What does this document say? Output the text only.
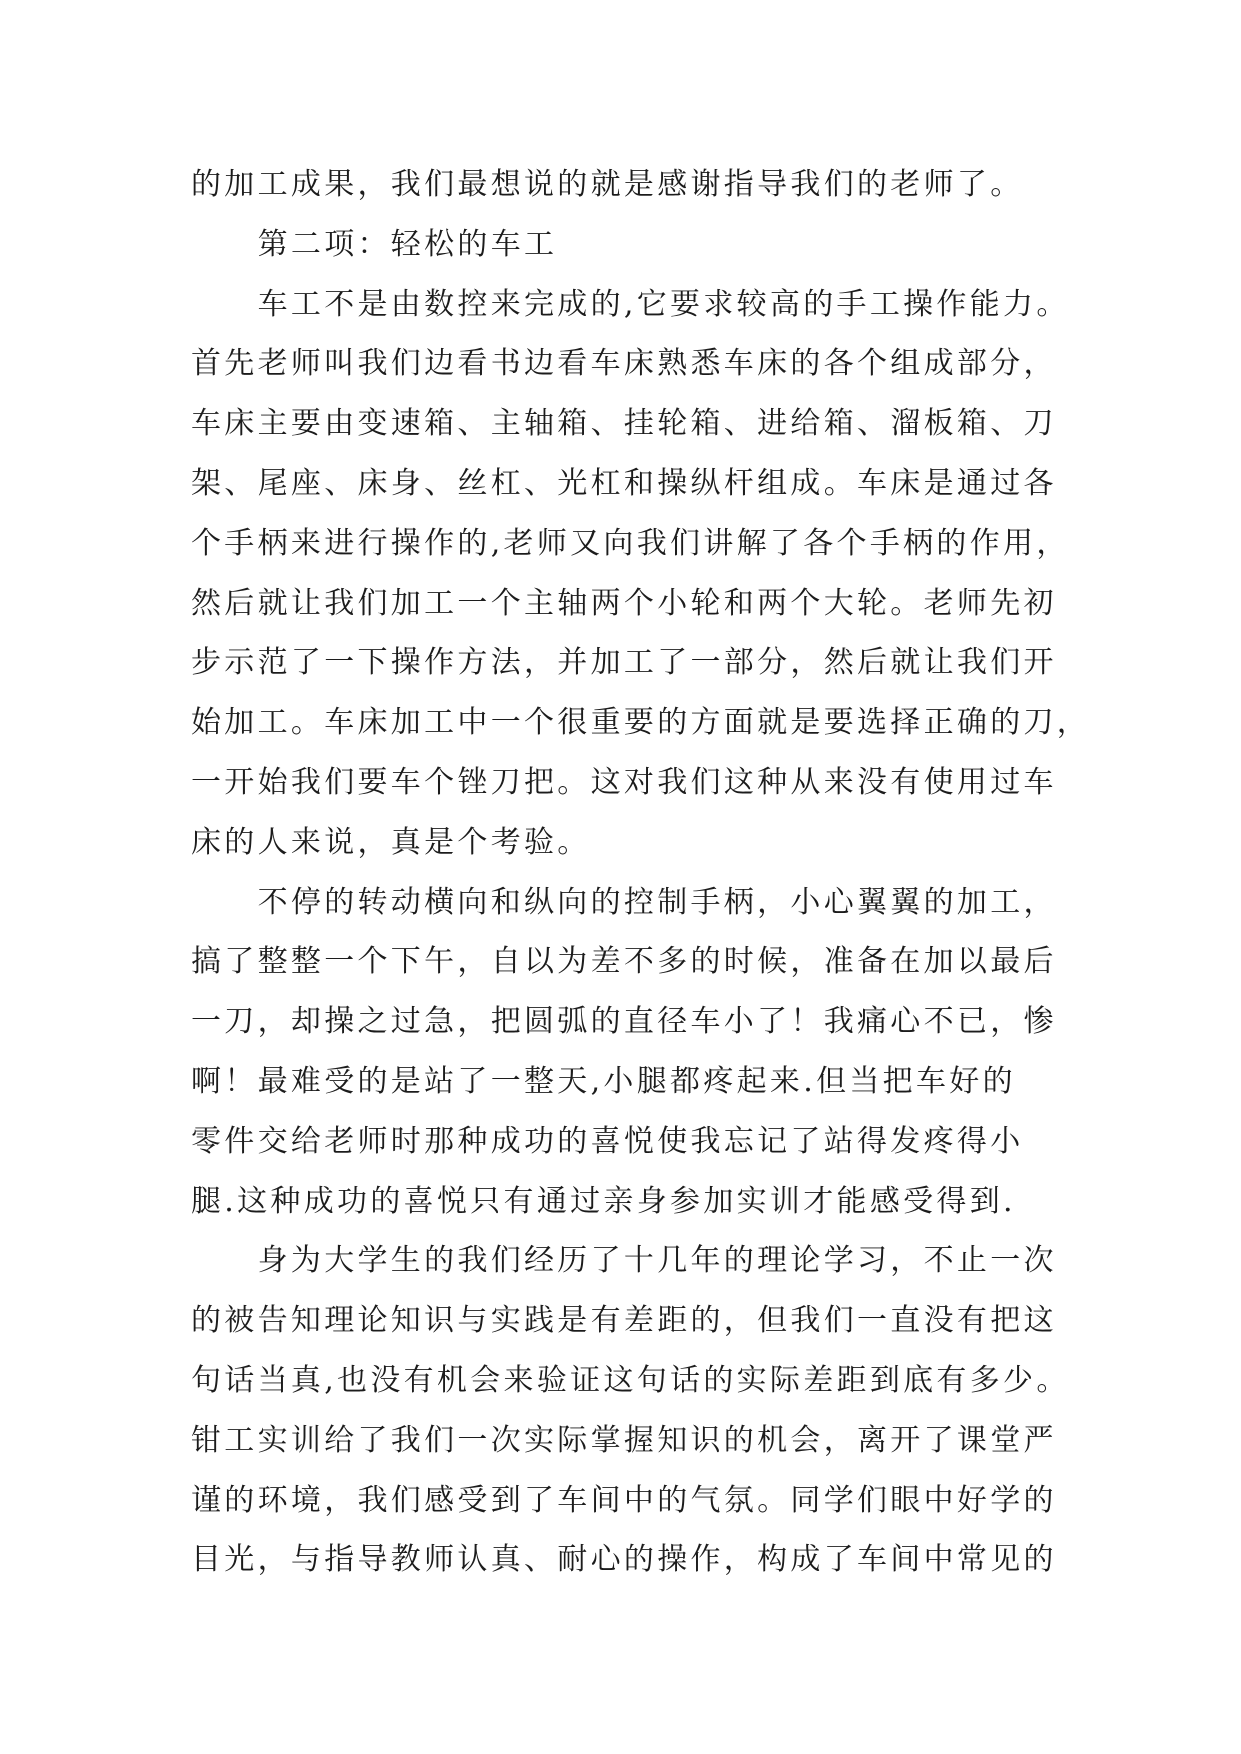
的加工成果，我们最想说的就是感谢指导我们的老师了。
第二项：轻松的车工
车工不是由数控来完成的,它要求较高的手工操作能力。
首先老师叫我们边看书边看车床熟悉车床的各个组成部分，
车床主要由变速箱、主轴箱、挂轮箱、进给箱、溜板箱、刀
架、尾座、床身、丝杠、光杠和操纵杆组成。车床是通过各
个手柄来进行操作的,老师又向我们讲解了各个手柄的作用，
然后就让我们加工一个主轴两个小轮和两个大轮。老师先初
步示范了一下操作方法，并加工了一部分，然后就让我们开
始加工。车床加工中一个很重要的方面就是要选择正确的刀，
一开始我们要车个锉刀把。这对我们这种从来没有使用过车
床的人来说，真是个考验。
不停的转动横向和纵向的控制手柄，小心翼翼的加工，
搞了整整一个下午，自以为差不多的时候，准备在加以最后
一刀，却操之过急，把圆弧的直径车小了！我痛心不已，惨
啊！最难受的是站了一整天,小腿都疼起来.但当把车好的
零件交给老师时那种成功的喜悦使我忘记了站得发疼得小
腿.这种成功的喜悦只有通过亲身参加实训才能感受得到.
身为大学生的我们经历了十几年的理论学习，不止一次
的被告知理论知识与实践是有差距的，但我们一直没有把这
句话当真,也没有机会来验证这句话的实际差距到底有多少。
钳工实训给了我们一次实际掌握知识的机会，离开了课堂严
谨的环境，我们感受到了车间中的气氛。同学们眼中好学的
目光，与指导教师认真、耐心的操作，构成了车间中常见的
